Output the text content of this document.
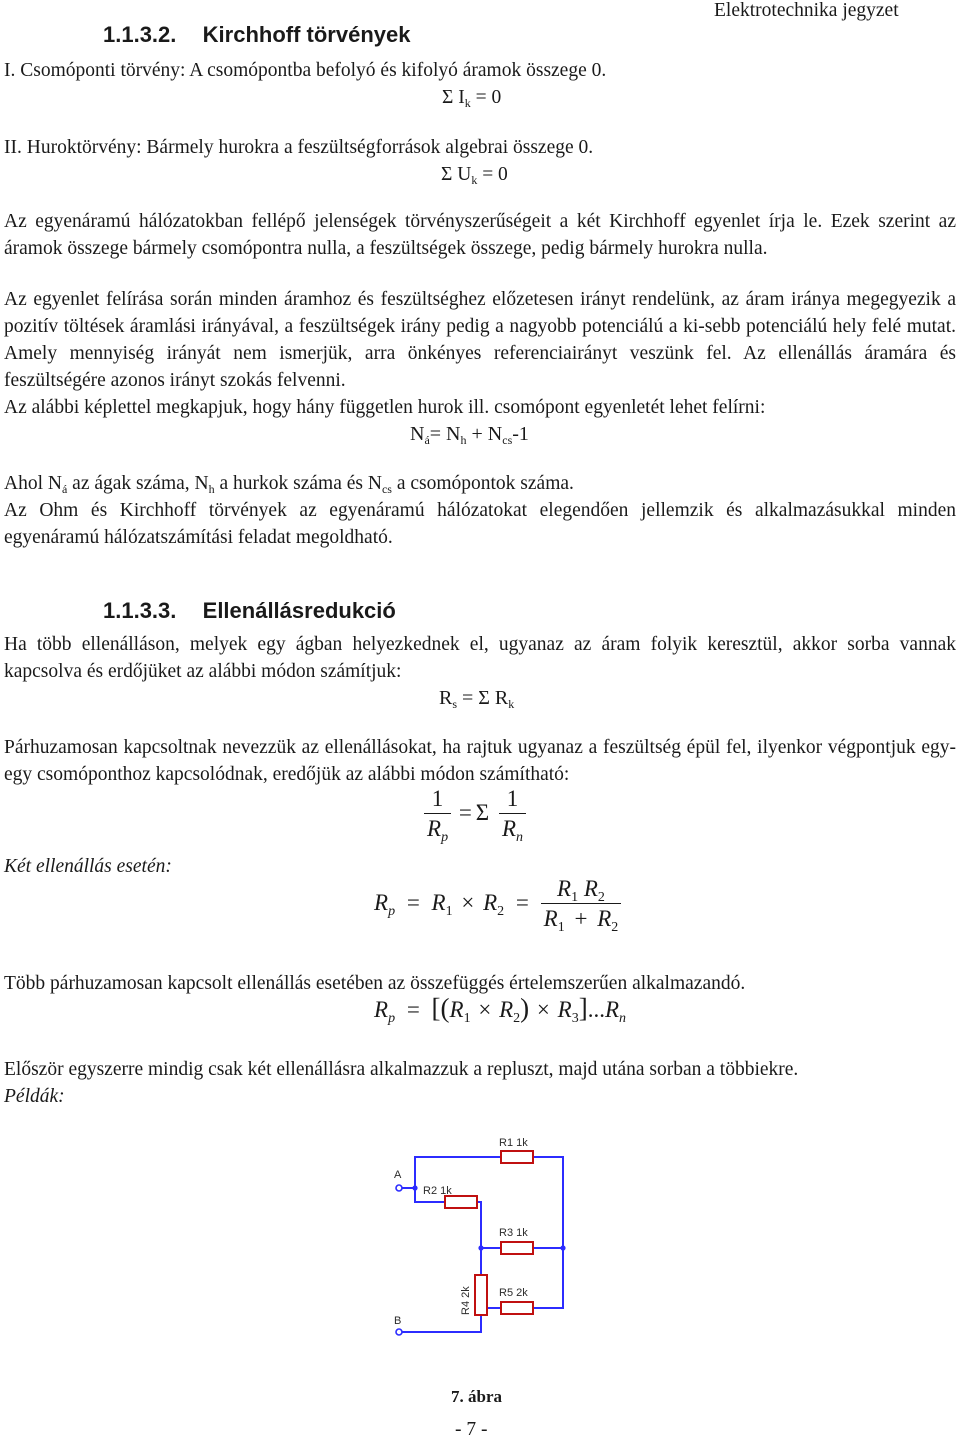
Elektrotechnika jegyzet
1.1.3.2. Kirchhoff törvények
I. Csomóponti törvény: A csomópontba befolyó és kifolyó áramok összege 0.
Σ $I_k = 0$
II. Huroktörvény: Bármely hurokra a feszültségforrások algebrai összege 0.
Σ $U_k = 0$
Az egyenáramú hálózatokban fellépő jelenségek törvényszerűségeit a két Kirchhoff egyenlet írja le. Ezek szerint az áramok összege bármely csomópontra nulla, a feszültségek összege, pedig bármely hurokra nulla.
Az egyenlet felírása során minden áramhoz és feszültséghez előzetesen irányt rendelünk, az áram iránya megegyezik a pozitív töltések áramlási irányával, a feszültségek irány pedig a nagyobb potenciálú a ki-sebb potenciálú hely felé mutat. Amely mennyiség irányát nem ismerjük, arra önkényes referenciairányt veszünk fel. Az ellenállás áramára és feszültségére azonos irányt szokás felvenni.
Az alábbi képlettel megkapjuk, hogy hány független hurok ill. csomópont egyenletét lehet felírni:
$N_á= N_h + N_{cs}-1$
Ahol $N_á$ az ágak száma, $N_h$ a hurkok száma és $N_{cs}$ a csomópontok száma.
Az Ohm és Kirchhoff törvények az egyenáramú hálózatokat elegendően jellemzik és alkalmazásukkal minden egyenáramú hálózatszámítási feladat megoldható.
1.1.3.3. Ellenállásredukció
Ha több ellenálláson, melyek egy ágban helyezkednek el, ugyanaz az áram folyik keresztül, akkor sorba vannak kapcsolva és erdőjüket az alábbi módon számítjuk:
$R_s = \Sigma$ $R_k$
Párhuzamosan kapcsoltnak nevezzük az ellenállásokat, ha rajtuk ugyanaz a feszültség épül fel, ilyenkor végpontjuk egy-egy csomóponthoz kapcsolódnak, eredőjük az alábbi módon számítható:
$\frac{1}{R_p} = \Sigma \frac{1}{R_n}$
Két ellenállás esetén:
$R_p = R_1 \times R_2 = \frac{R_1 R_2}{R_1 + R_2}$
Több párhuzamosan kapcsolt ellenállás esetében az összefüggés értelemszerűen alkalmazandó.
$R_p = [(R_1 \times R_2) \times R_3]...R_n$
Először egyszerre mindig csak két ellenállásra alkalmazzuk a repluszt, majd utána sorban a többiekre.
Példák:
R1 1k
R2 1k
R3 1k
R4 2k R5 2k
A
B
7. ábra
- 7 -
